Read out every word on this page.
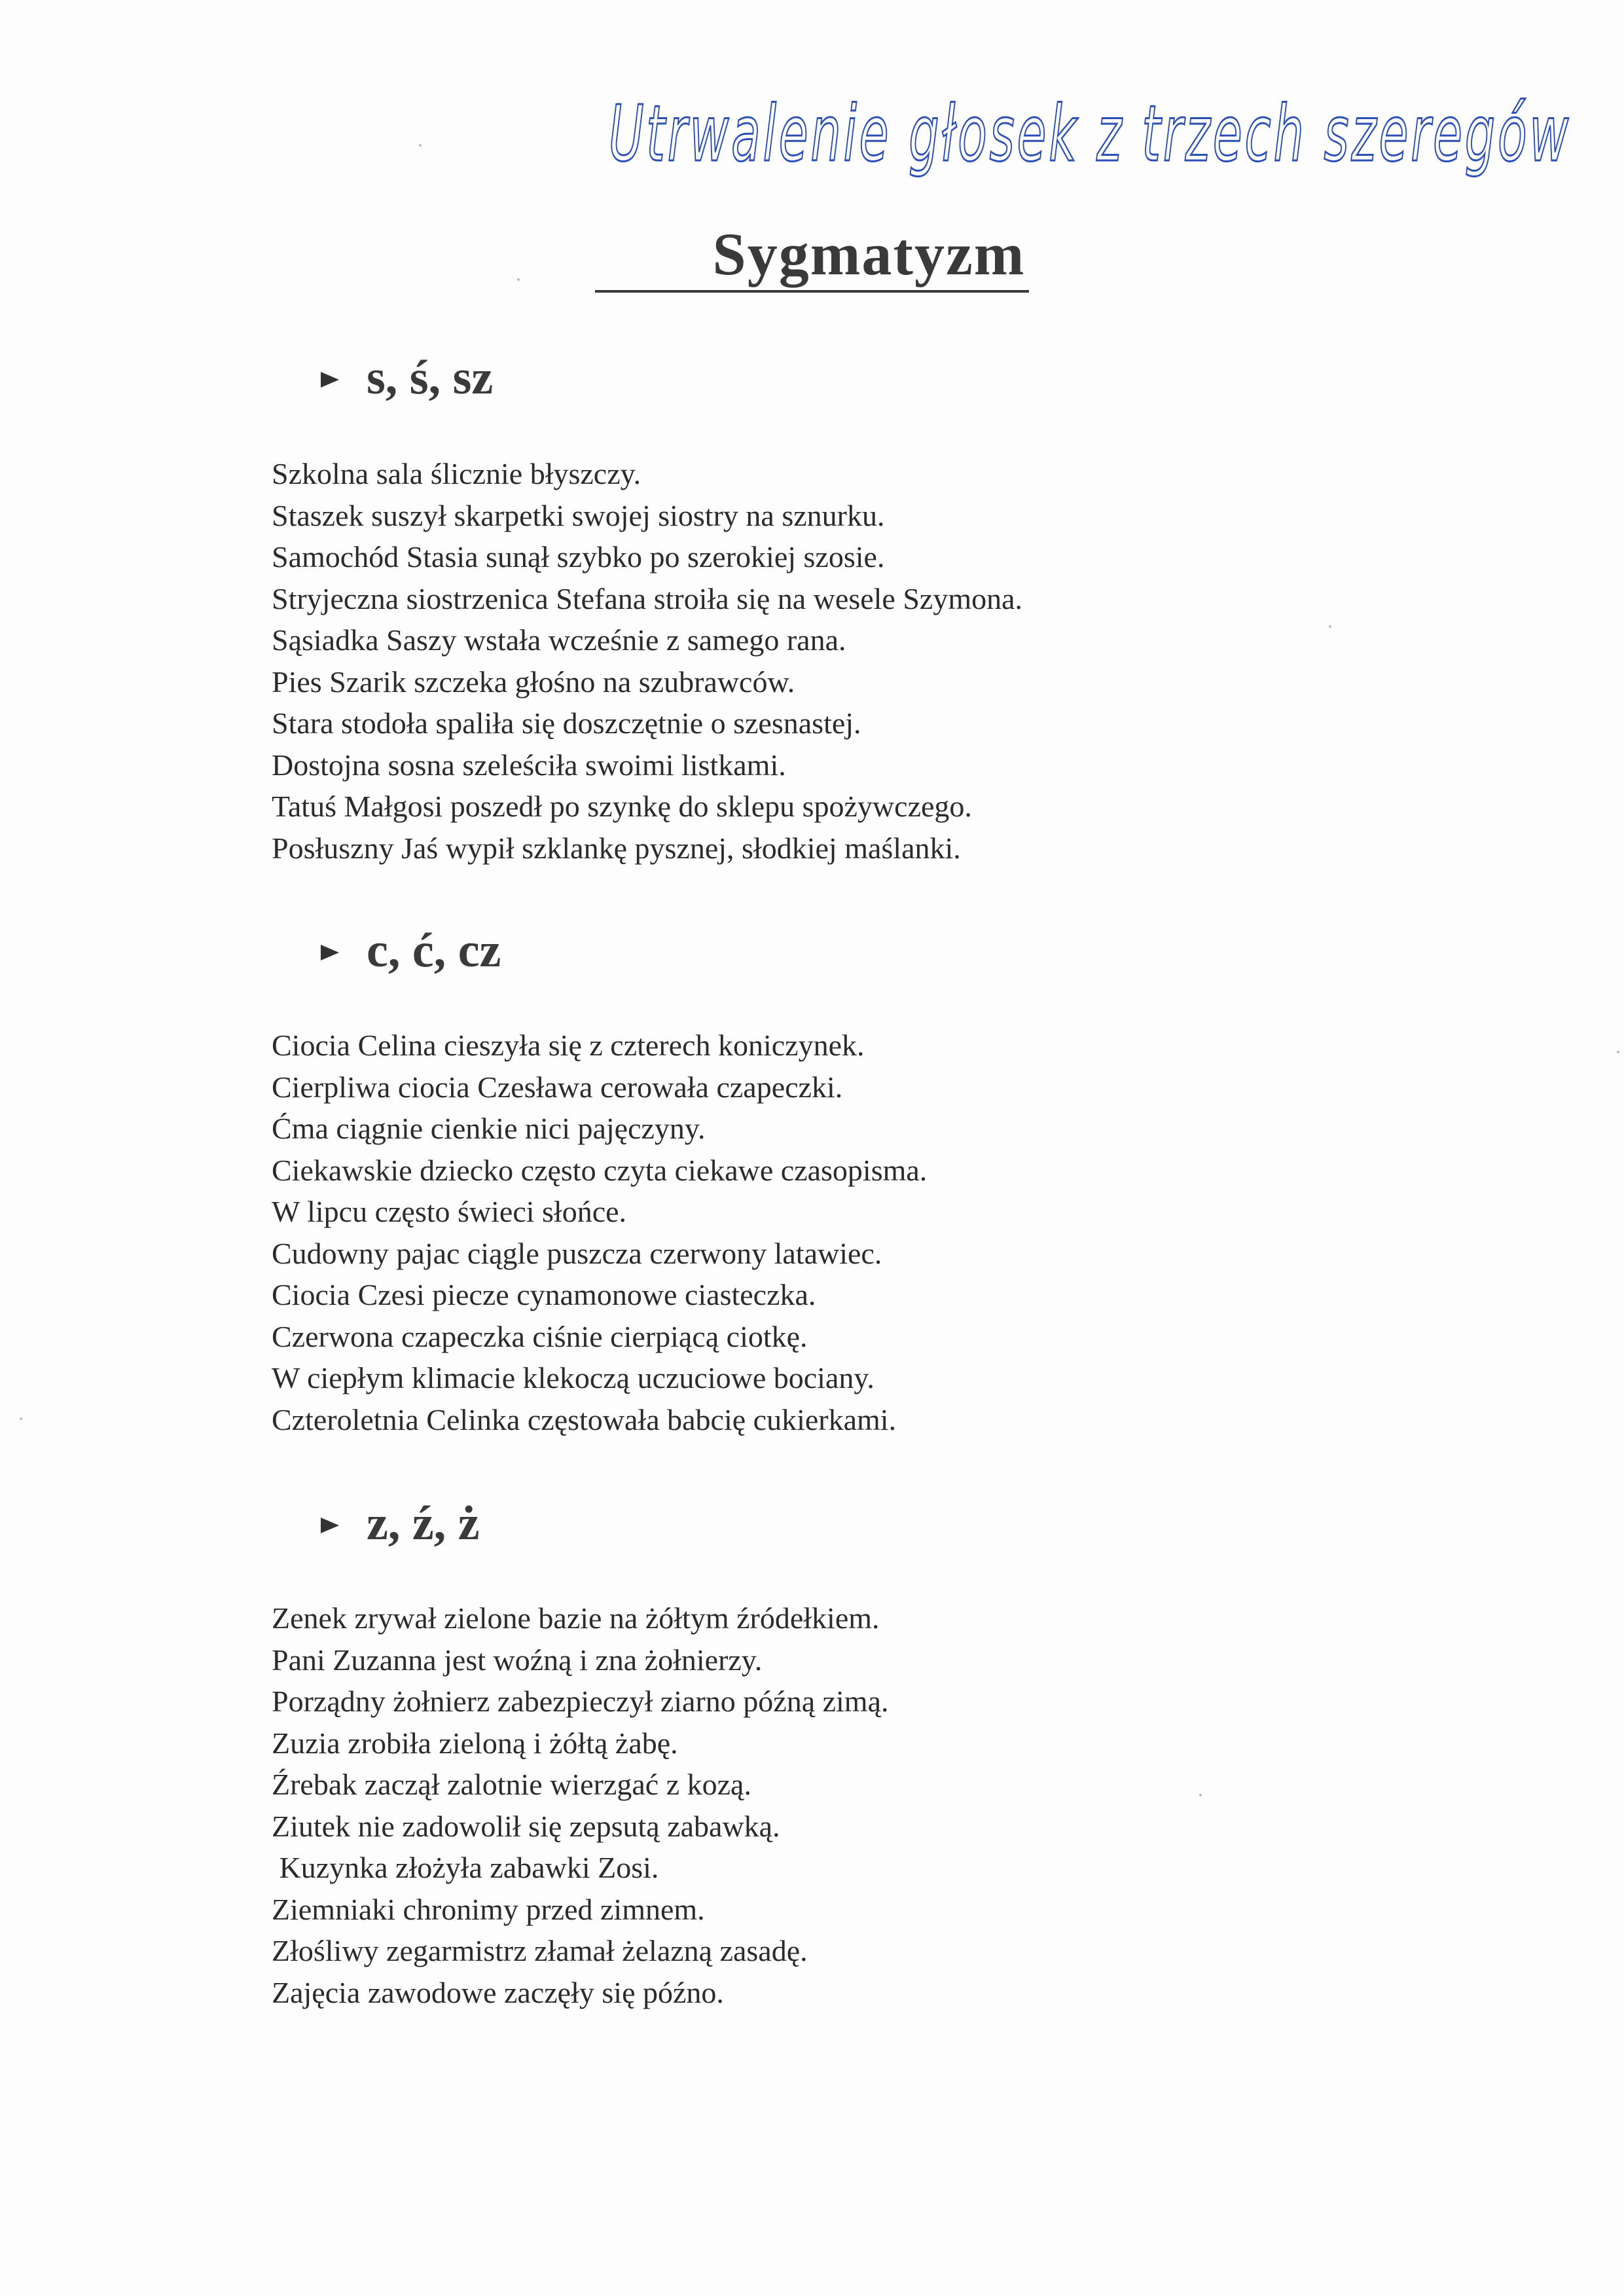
Utrwalenie głosek z trzech szeregów
Sygmatyzm
s, ś, sz
Szkolna sala ślicznie błyszczy.
Staszek suszył skarpetki swojej siostry na sznurku.
Samochód Stasia sunął szybko po szerokiej szosie.
Stryjeczna siostrzenica Stefana stroiła się na wesele Szymona.
Sąsiadka Saszy wstała wcześnie z samego rana.
Pies Szarik szczeka głośno na szubrawców.
Stara stodoła spaliła się doszczętnie o szesnastej.
Dostojna sosna szeleściła swoimi listkami.
Tatuś Małgosi poszedł po szynkę do sklepu spożywczego.
Posłuszny Jaś wypił szklankę pysznej, słodkiej maślanki.
c, ć, cz
Ciocia Celina cieszyła się z czterech koniczynek.
Cierpliwa ciocia Czesława cerowała czapeczki.
Ćma ciągnie cienkie nici pajęczyny.
Ciekawskie dziecko często czyta ciekawe czasopisma.
W lipcu często świeci słońce.
Cudowny pajac ciągle puszcza czerwony latawiec.
Ciocia Czesi piecze cynamonowe ciasteczka.
Czerwona czapeczka ciśnie cierpiącą ciotkę.
W ciepłym klimacie klekoczą uczuciowe bociany.
Czteroletnia Celinka częstowała babcię cukierkami.
z, ź, ż
Zenek zrywał zielone bazie na żółtym źródełkiem.
Pani Zuzanna jest woźną i zna żołnierzy.
Porządny żołnierz zabezpieczył ziarno późną zimą.
Zuzia zrobiła zieloną i żółtą żabę.
Źrebak zaczął zalotnie wierzgać z kozą.
Ziutek nie zadowolił się zepsutą zabawką.
Kuzynka złożyła zabawki Zosi.
Ziemniaki chronimy przed zimnem.
Złośliwy zegarmistrz złamał żelazną zasadę.
Zajęcia zawodowe zaczęły się późno.
